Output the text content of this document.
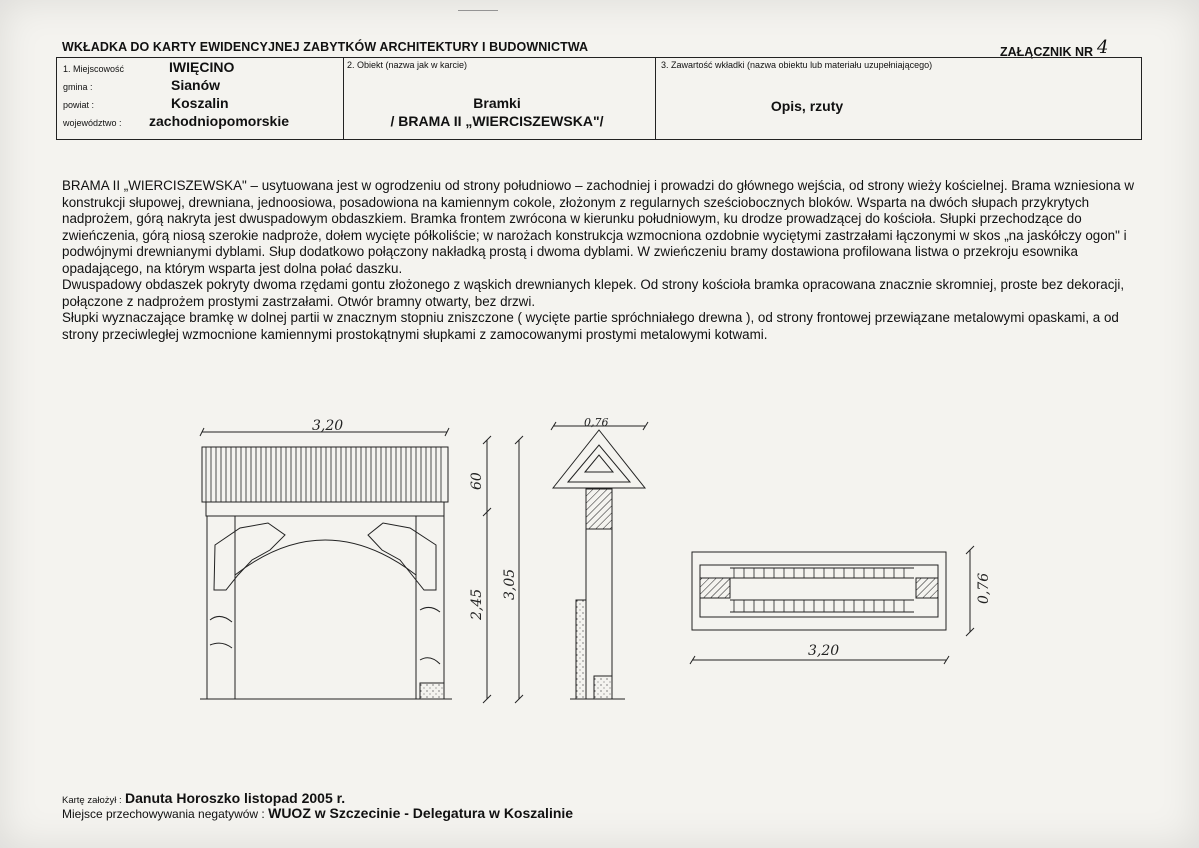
WKŁADKA DO KARTY EWIDENCYJNEJ ZABYTKÓW ARCHITEKTURY I BUDOWNICTWA	ZAŁĄCZNIK NR 4
1. Miejscowość	IWIĘCINO
gmina :	Sianów
powiat :	Koszalin
województwo : zachodniopomorskie
2. Obiekt (nazwa jak w karcie)
Bramki
/ BRAMA II „WIERCISZEWSKA"/
3. Zawartość wkładki (nazwa obiektu lub materiału uzupełniającego)
Opis, rzuty

BRAMA II „WIERCISZEWSKA" – usytuowana jest w ogrodzeniu od strony południowo – zachodniej i prowadzi do głównego wejścia, od strony wieży kościelnej. Brama wzniesiona w konstrukcji słupowej, drewniana, jednoosiowa, posadowiona na kamiennym cokole, złożonym z regularnych sześciobocznych bloków. Wsparta na dwóch słupach przykrytych nadprożem, górą nakryta jest dwuspadowym obdaszkiem. Bramka frontem zwrócona w kierunku południowym, ku drodze prowadzącej do kościoła. Słupki przechodzące do zwieńczenia, górą niosą szerokie nadproże, dołem wycięte półkoliście; w narożach konstrukcja wzmocniona ozdobnie wyciętymi zastrzałami łączonymi w skos „na jaskółczy ogon" i podwójnymi drewnianymi dyblami. Słup dodatkowo połączony nakładką prostą i dwoma dyblami. W zwieńczeniu bramy dostawiona profilowana listwa o przekroju esownika opadającego, na którym wsparta jest dolna połać daszku.

Dwuspadowy obdaszek pokryty dwoma rzędami gontu złożonego z wąskich drewnianych klepek. Od strony kościoła bramka opracowana znacznie skromniej, proste bez dekoracji, połączone z nadprożem prostymi zastrzałami. Otwór bramny otwarty, bez drzwi.

Słupki wyznaczające bramkę w dolnej partii w znacznym stopniu zniszczone ( wycięte partie spróchniałego drewna ), od strony frontowej przewiązane metalowymi opaskami, a od strony przeciwległej wzmocnione kamiennymi prostokątnymi słupkami z zamocowanymi prostymi metalowymi kotwami.

3,20
60
2,45
3,05
0,76
3,20
0,76
Kartę założył : Danuta Horoszko listopad 2005 r.
Miejsce przechowywania negatywów : WUOZ w Szczecinie - Delegatura w Koszalinie
